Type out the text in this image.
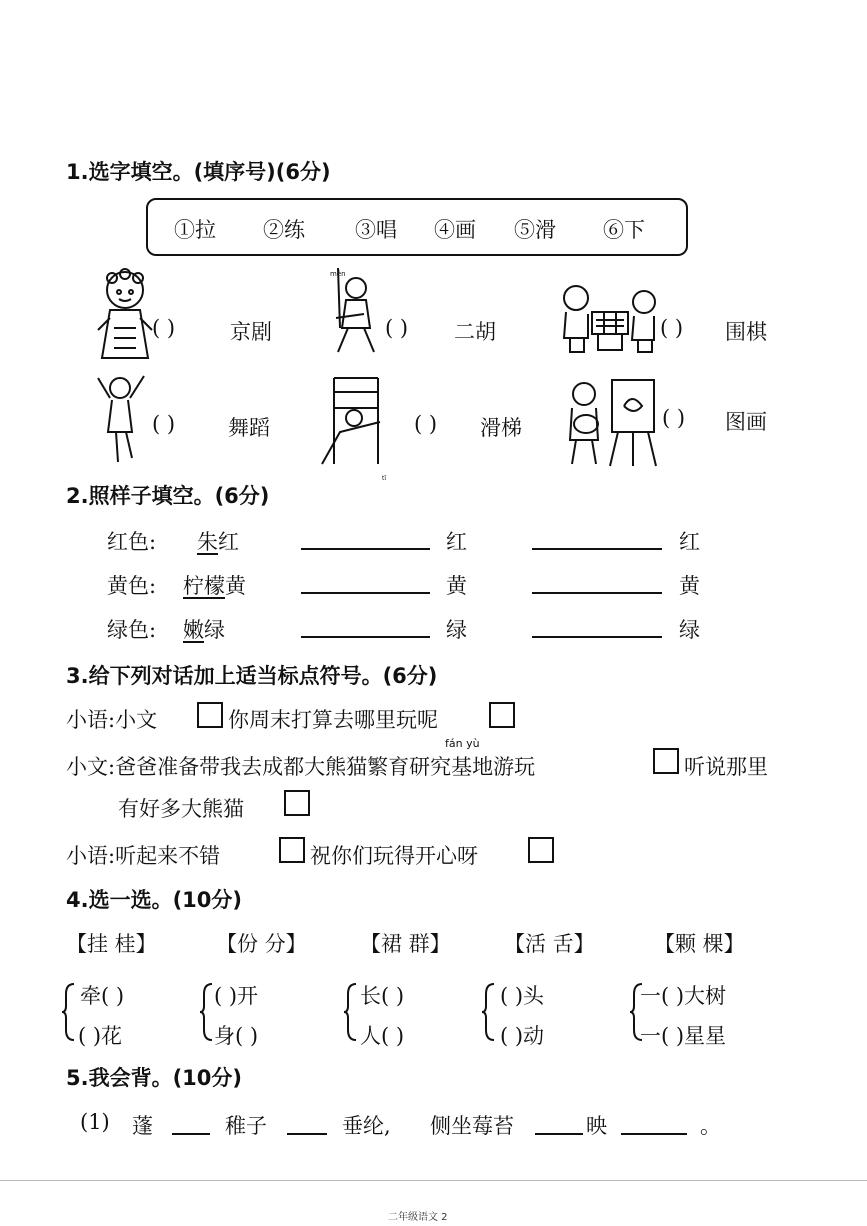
1.选字填空。(填序号)(6分)
①拉 ②练 ③唱 ④画 ⑤滑 ⑥下
měn
( )	京剧	( ) 二胡	( ) 围棋
tī
( )	舞蹈	( ) 滑梯	( ) 图画
2.照样子填空。(6分)
红色: 朱红	红	红
黄色: 柠檬黄	黄	黄
绿色: 嫩绿	绿	绿
3.给下列对话加上适当标点符号。(6分)
小语:小文	你周末打算去哪里玩呢
fán yù
小文:爸爸准备带我去成都大熊猫繁育研究基地游玩	听说那里
有好多大熊猫
小语:听起来不错	祝你们玩得开心呀
4.选一选。(10分)
【挂 桂】	【份 分】	【裙 群】	【活 舌】	【颗 棵】
牵( )
( )花
( )开
身( )
长( )
人( )
( )头
( )动
一( )大树
一( )星星
5.我会背。(10分)
(1) 蓬	稚子	垂纶, 侧坐莓苔	映	。
二年级语文 2
